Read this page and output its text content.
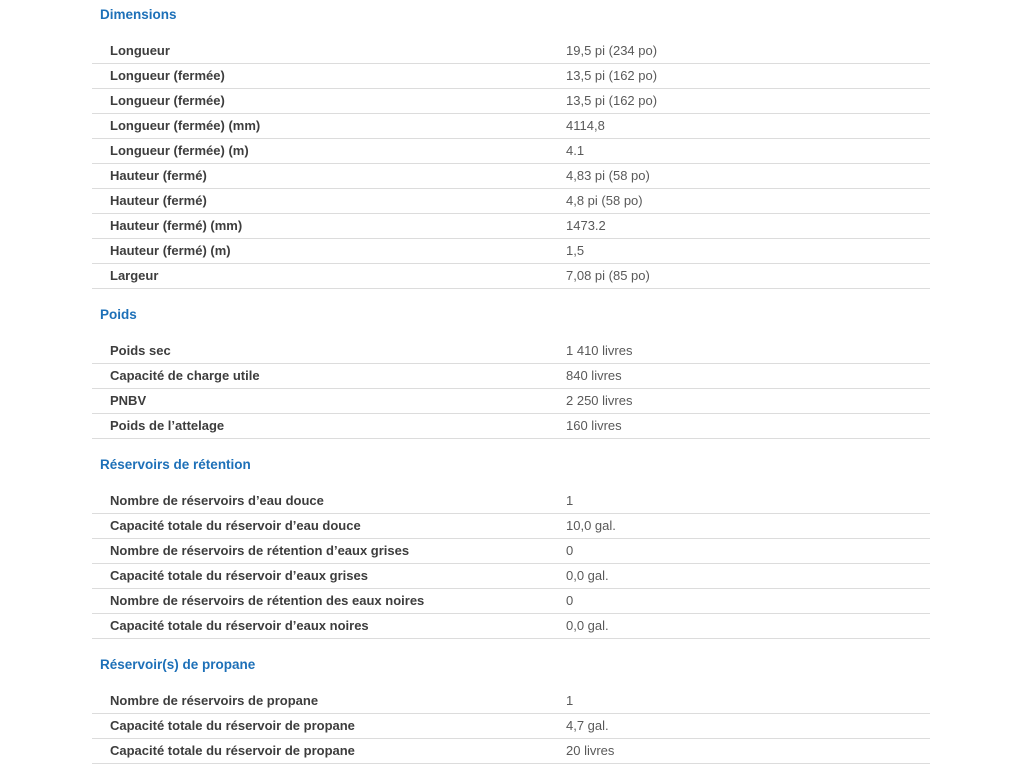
Dimensions
Longueur	19,5 pi (234 po)
Longueur (fermée)	13,5 pi (162 po)
Longueur (fermée)	13,5 pi (162 po)
Longueur (fermée) (mm)	4114,8
Longueur (fermée) (m)	4.1
Hauteur (fermé)	4,83 pi (58 po)
Hauteur (fermé)	4,8 pi (58 po)
Hauteur (fermé) (mm)	1473.2
Hauteur (fermé) (m)	1,5
Largeur	7,08 pi (85 po)
Poids
Poids sec	1 410 livres
Capacité de charge utile	840 livres
PNBV	2 250 livres
Poids de l’attelage	160 livres
Réservoirs de rétention
Nombre de réservoirs d’eau douce	1
Capacité totale du réservoir d’eau douce	10,0 gal.
Nombre de réservoirs de rétention d’eaux grises	0
Capacité totale du réservoir d’eaux grises	0,0 gal.
Nombre de réservoirs de rétention des eaux noires	0
Capacité totale du réservoir d’eaux noires	0,0 gal.
Réservoir(s) de propane
Nombre de réservoirs de propane	1
Capacité totale du réservoir de propane	4,7 gal.
Capacité totale du réservoir de propane	20 livres
